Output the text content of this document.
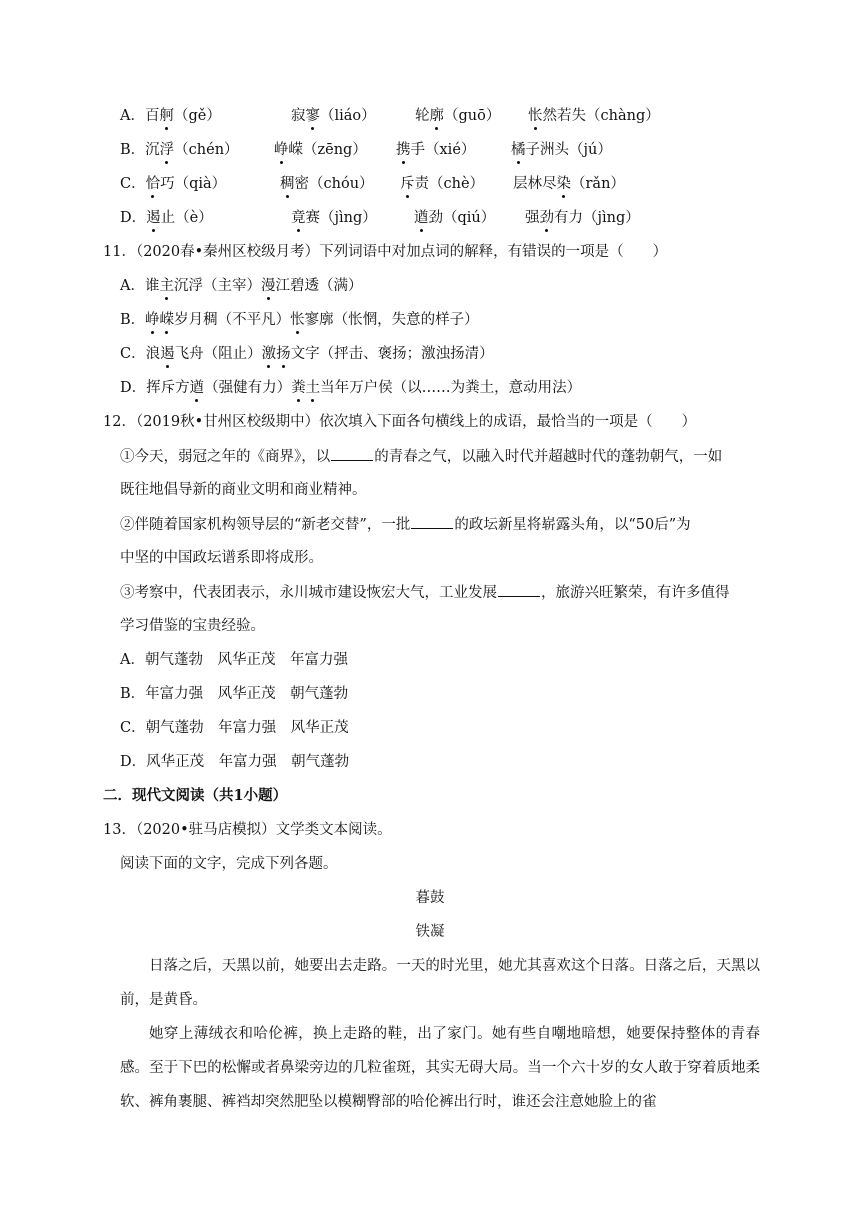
A．百舸（gě）	寂寥（liáo）	轮廓（guō） 怅然若失（chàng）
B．沉浮（chén） 峥嵘（zēng） 携手（xié） 橘子洲头（jú）
C．恰巧（qià）	稠密（chóu） 斥责（chè） 层林尽染（rǎn）
D．遏止（è）	竟赛（jìng）	遒劲（qiú） 强劲有力（jìng）
11．（2020春•秦州区校级月考）下列词语中对加点词的解释，有错误的一项是（　　）
A．谁主沉浮（主宰）漫江碧透（满）
B．峥嵘岁月稠（不平凡）怅寥廓（怅惘，失意的样子）
C．浪遏飞舟（阻止）激扬文字（抨击、褒扬；激浊扬清）
D．挥斥方遒（强健有力）粪土当年万户侯（以……为粪土，意动用法）
12．（2019秋•甘州区校级期中）依次填入下面各句横线上的成语，最恰当的一项是（　　）
①今天，弱冠之年的《商界》，以	的青春之气，以融入时代并超越时代的蓬勃朝气，一如
既往地倡导新的商业文明和商业精神。
②伴随着国家机构领导层的“新老交替”，一批	的政坛新星将崭露头角，以“50后”为
中坚的中国政坛谱系即将成形。
③考察中，代表团表示，永川城市建设恢宏大气，工业发展	，旅游兴旺繁荣，有许多值得
学习借鉴的宝贵经验。
A．朝气蓬勃　风华正茂　年富力强
B．年富力强　风华正茂　朝气蓬勃
C．朝气蓬勃　年富力强　风华正茂
D．风华正茂　年富力强　朝气蓬勃
二．现代文阅读（共1小题）
13．（2020•驻马店模拟）文学类文本阅读。
阅读下面的文字，完成下列各题。
暮鼓
铁凝
日落之后，天黑以前，她要出去走路。一天的时光里，她尤其喜欢这个日落。日落之后，天黑以前，是黄昏。
她穿上薄绒衣和哈伦裤，换上走路的鞋，出了家门。她有些自嘲地暗想，她要保持整体的青春感。至于下巴的松懈或者鼻梁旁边的几粒雀斑，其实无碍大局。当一个六十岁的女人敢于穿着质地柔软、裤角裹腿、裤裆却突然肥坠以模糊臀部的哈伦裤出行时，谁还会注意她脸上的雀
